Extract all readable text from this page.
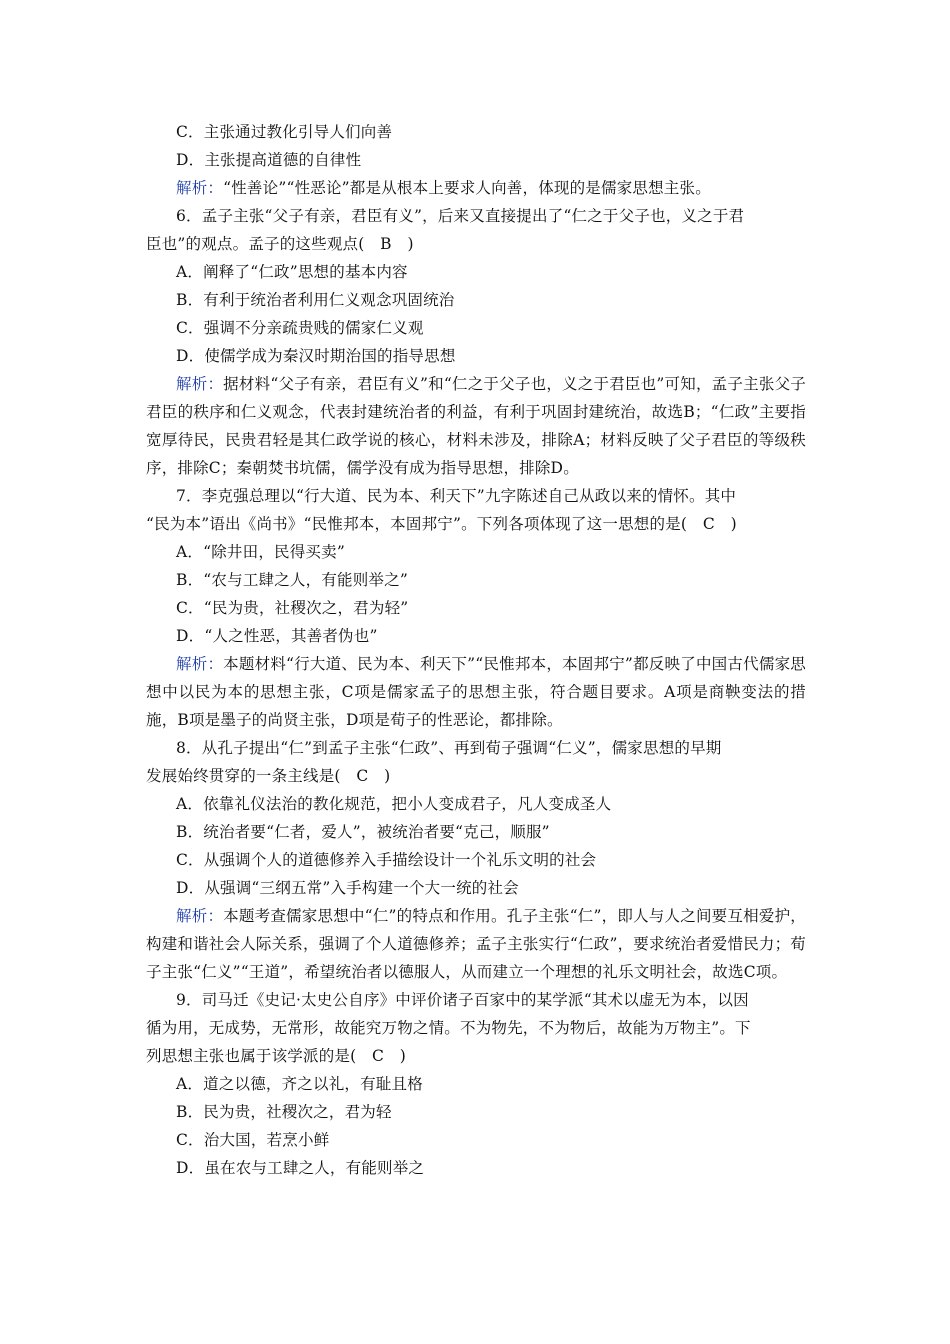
C．主张通过教化引导人们向善
D．主张提高道德的自律性
解析：“性善论”“性恶论”都是从根本上要求人向善，体现的是儒家思想主张。
6．孟子主张“父子有亲，君臣有义”，后来又直接提出了“仁之于父子也，义之于君
臣也”的观点。孟子的这些观点(　B　)
A．阐释了“仁政”思想的基本内容
B．有利于统治者利用仁义观念巩固统治
C．强调不分亲疏贵贱的儒家仁义观
D．使儒学成为秦汉时期治国的指导思想
解析：据材料“父子有亲，君臣有义”和“仁之于父子也，义之于君臣也”可知，孟子主张父子君臣的秩序和仁义观念，代表封建统治者的利益，有利于巩固封建统治，故选B；“仁政”主要指宽厚待民，民贵君轻是其仁政学说的核心，材料未涉及，排除A；材料反映了父子君臣的等级秩序，排除C；秦朝焚书坑儒，儒学没有成为指导思想，排除D。
7．李克强总理以“行大道、民为本、利天下”九字陈述自己从政以来的情怀。其中
“民为本”语出《尚书》“民惟邦本，本固邦宁”。下列各项体现了这一思想的是(　C　)
A．“除井田，民得买卖”
B．“农与工肆之人，有能则举之”
C．“民为贵，社稷次之，君为轻”
D．“人之性恶，其善者伪也”
解析：本题材料“行大道、民为本、利天下”“民惟邦本，本固邦宁”都反映了中国古代儒家思想中以民为本的思想主张，C项是儒家孟子的思想主张，符合题目要求。A项是商鞅变法的措施，B项是墨子的尚贤主张，D项是荀子的性恶论，都排除。
8．从孔子提出“仁”到孟子主张“仁政”、再到荀子强调“仁义”，儒家思想的早期
发展始终贯穿的一条主线是(　C　)
A．依靠礼仪法治的教化规范，把小人变成君子，凡人变成圣人
B．统治者要“仁者，爱人”，被统治者要“克己，顺服”
C．从强调个人的道德修养入手描绘设计一个礼乐文明的社会
D．从强调“三纲五常”入手构建一个大一统的社会
解析：本题考查儒家思想中“仁”的特点和作用。孔子主张“仁”，即人与人之间要互相爱护，构建和谐社会人际关系，强调了个人道德修养；孟子主张实行“仁政”，要求统治者爱惜民力；荀子主张“仁义”“王道”，希望统治者以德服人，从而建立一个理想的礼乐文明社会，故选C项。
9．司马迁《史记·太史公自序》中评价诸子百家中的某学派“其术以虚无为本，以因
循为用，无成势，无常形，故能究万物之情。不为物先，不为物后，故能为万物主”。下
列思想主张也属于该学派的是(　C　)
A．道之以德，齐之以礼，有耻且格
B．民为贵，社稷次之，君为轻
C．治大国，若烹小鲜
D．虽在农与工肆之人，有能则举之
